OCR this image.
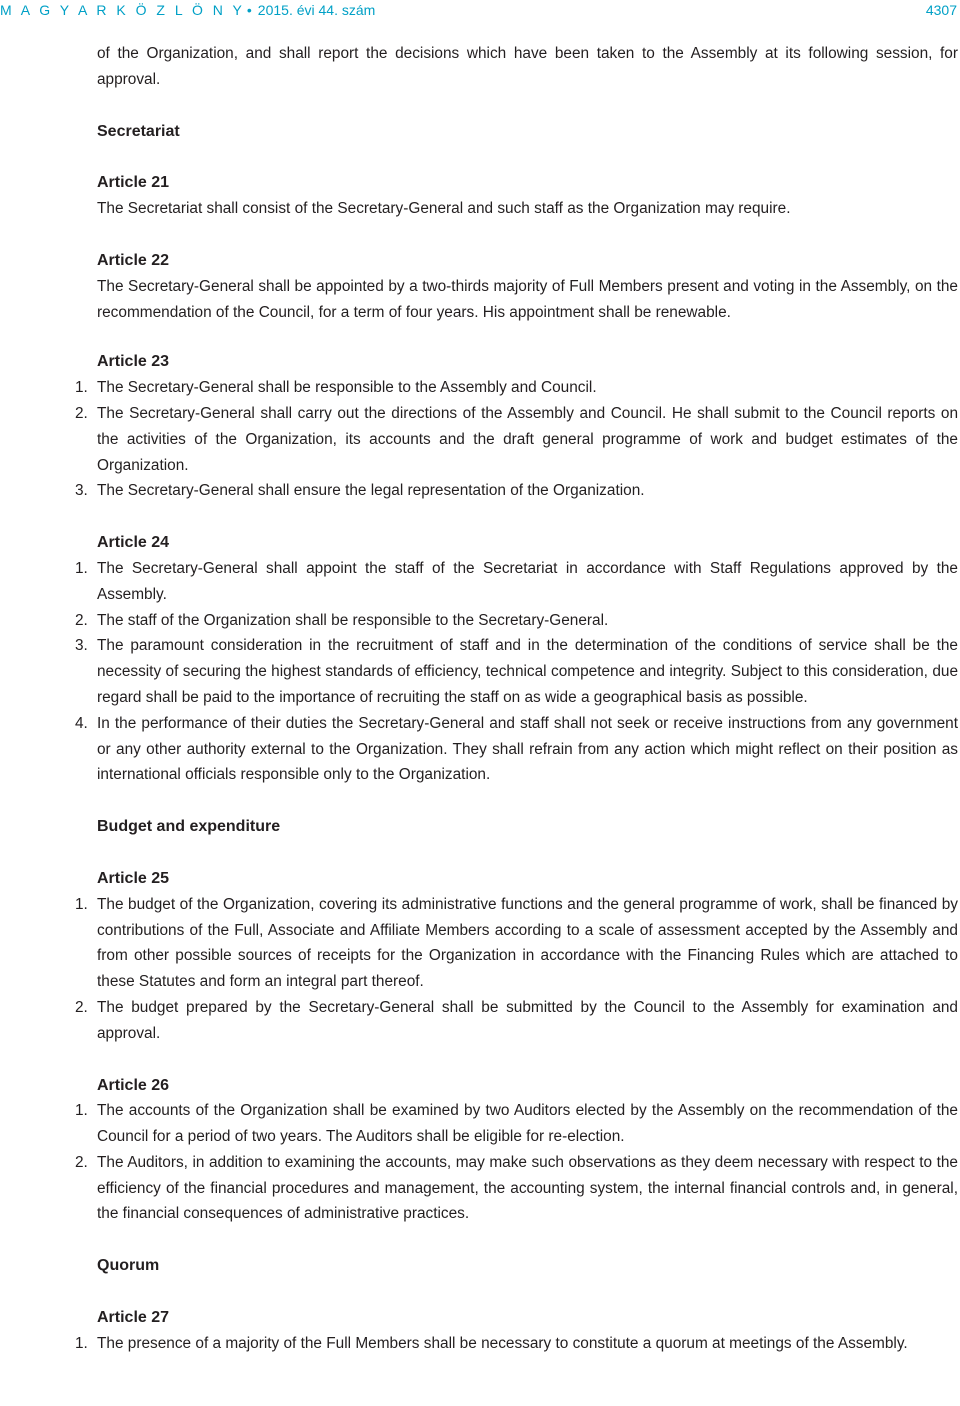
M A G Y A R K Ö Z L Ö N Y • 2015. évi 44. szám	4307
of the Organization, and shall report the decisions which have been taken to the Assembly at its following session, for approval.
Secretariat
Article 21
The Secretariat shall consist of the Secretary-General and such staff as the Organization may require.
Article 22
The Secretary-General shall be appointed by a two-thirds majority of Full Members present and voting in the Assembly, on the recommendation of the Council, for a term of four years. His appointment shall be renewable.
Article 23
1. The Secretary-General shall be responsible to the Assembly and Council.
2. The Secretary-General shall carry out the directions of the Assembly and Council. He shall submit to the Council reports on the activities of the Organization, its accounts and the draft general programme of work and budget estimates of the Organization.
3. The Secretary-General shall ensure the legal representation of the Organization.
Article 24
1. The Secretary-General shall appoint the staff of the Secretariat in accordance with Staff Regulations approved by the Assembly.
2. The staff of the Organization shall be responsible to the Secretary-General.
3. The paramount consideration in the recruitment of staff and in the determination of the conditions of service shall be the necessity of securing the highest standards of efficiency, technical competence and integrity. Subject to this consideration, due regard shall be paid to the importance of recruiting the staff on as wide a geographical basis as possible.
4. In the performance of their duties the Secretary-General and staff shall not seek or receive instructions from any government or any other authority external to the Organization. They shall refrain from any action which might reflect on their position as international officials responsible only to the Organization.
Budget and expenditure
Article 25
1. The budget of the Organization, covering its administrative functions and the general programme of work, shall be financed by contributions of the Full, Associate and Affiliate Members according to a scale of assessment accepted by the Assembly and from other possible sources of receipts for the Organization in accordance with the Financing Rules which are attached to these Statutes and form an integral part thereof.
2. The budget prepared by the Secretary-General shall be submitted by the Council to the Assembly for examination and approval.
Article 26
1. The accounts of the Organization shall be examined by two Auditors elected by the Assembly on the recommendation of the Council for a period of two years. The Auditors shall be eligible for re-election.
2. The Auditors, in addition to examining the accounts, may make such observations as they deem necessary with respect to the efficiency of the financial procedures and management, the accounting system, the internal financial controls and, in general, the financial consequences of administrative practices.
Quorum
Article 27
1. The presence of a majority of the Full Members shall be necessary to constitute a quorum at meetings of the Assembly.
